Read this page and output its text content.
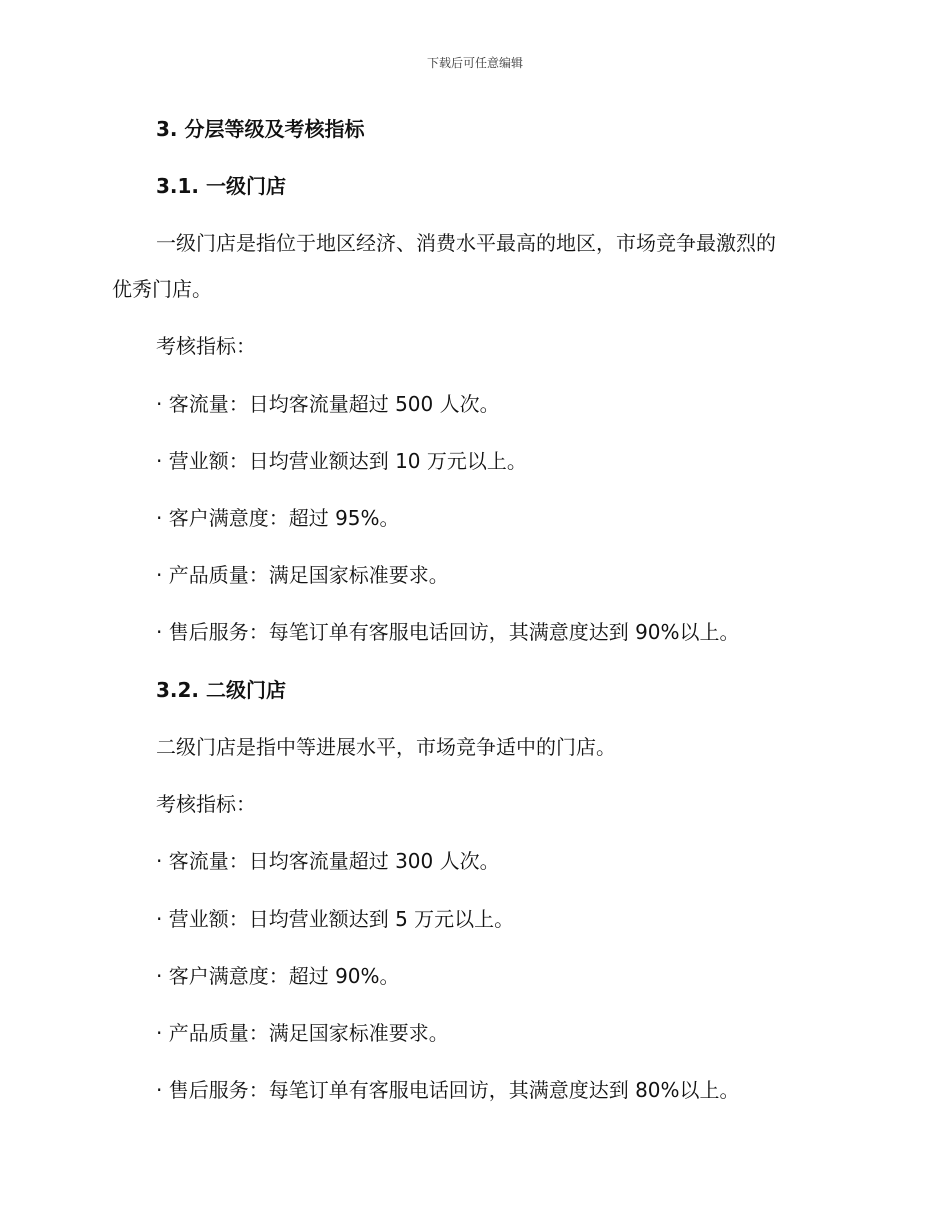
下载后可任意编辑
3. 分层等级及考核指标
3.1. 一级门店
一级门店是指位于地区经济、消费水平最高的地区，市场竞争最激烈的
优秀门店。
考核指标：
· 客流量：日均客流量超过 500 人次。
· 营业额：日均营业额达到 10 万元以上。
· 客户满意度：超过 95%。
· 产品质量：满足国家标准要求。
· 售后服务：每笔订单有客服电话回访，其满意度达到 90%以上。
3.2. 二级门店
二级门店是指中等进展水平，市场竞争适中的门店。
考核指标：
· 客流量：日均客流量超过 300 人次。
· 营业额：日均营业额达到 5 万元以上。
· 客户满意度：超过 90%。
· 产品质量：满足国家标准要求。
· 售后服务：每笔订单有客服电话回访，其满意度达到 80%以上。
